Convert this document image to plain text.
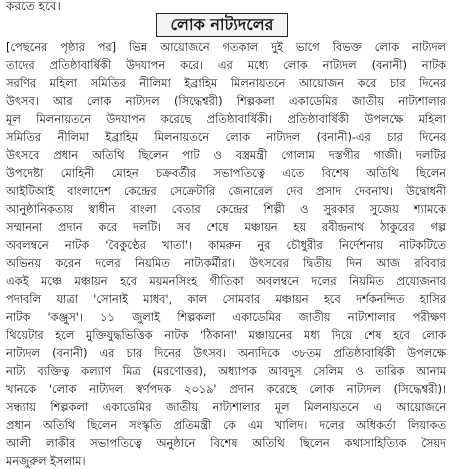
করতে হবে।
লোক নাট্যদলের
[পেছনের পৃষ্ঠার পর] ভিন্ন আয়োজনে গতকাল দুই ভাগে বিভক্ত লোক নাট্যদল
তাদের প্রতিষ্ঠাবার্ষিকী উদযাপন করে। এর মধ্যে লোক নাট্যদল (বনানী) নাটক
সরণির মহিলা সমিতির নীলিমা ইব্রাহিম মিলনায়তনে আয়োজন করে চার দিনের
উৎসব। আর লোক নাট্যদল (সিদ্ধেশ্বরী) শিল্পকলা একাডেমির জাতীয় নাট্যশালার
মূল মিলনায়তনে উদযাপন করেছে প্রতিষ্ঠাবার্ষিকী। প্রতিষ্ঠাবার্ষিকী উপলক্ষে মহিলা
সমিতির নীলিমা ইব্রাহিম মিলনায়তনে লোক নাট্যদল (বনানী)-এর চার দিনের
উৎসবে প্রধান অতিথি ছিলেন পাট ও বস্ত্রমন্ত্রী গোলাম দস্তগীর গাজী। দলটির
উপদেষ্টা মোহিনী মোহন চক্রবর্তীর সভাপতিত্বে এতে বিশেষ অতিথি ছিলেন
আইটিআই বাংলাদেশ কেন্দ্রের সেক্রেটারি জেনারেল দেব প্রসাদ দেবনাথ। উদ্বোধনী
আনুষ্ঠানিকতায় স্বাধীন বাংলা বেতার কেন্দ্রের শিল্পী ও সুরকার সুজেয় শ্যামকে
সম্মাননা প্রদান করে দলটি। সব শেষে মঞ্চায়ন হয় রবীন্দ্রনাথ ঠাকুরের গল্প
অবলম্বনে নাটক 'বৈকুণ্ঠের খাতা'। কামরুন নুর চৌধুরীর নির্দেশনায় নাটকটিতে
অভিনয় করেন দলের নিয়মিত নাট্যকর্মীরা। উৎসবের দ্বিতীয় দিন আজ রবিবার
একই মঞ্চে মঞ্চায়ন হবে ময়মনসিংহ গীতিকা অবলম্বনে দলের নিয়মিত প্রযোজনার
পদাবলি যাত্রা 'সোনাই মাধব', কাল সোমবার মঞ্চায়ন হবে দর্শকনন্দিত হাসির
নাটক 'কঞ্জুস'। ১১ জুলাই শিল্পকলা একাডেমির জাতীয় নাট্যশালার পরীক্ষণ
থিয়েটার হলে মুক্তিযুদ্ধভিত্তিক নাটক 'ঠিকানা' মঞ্চায়নের মধ্য দিয়ে শেষ হবে লোক
নাট্যদল (বনানী) এর চার দিনের উৎসব। অন্যদিকে ৩৮তম প্রতিষ্ঠাবার্ষিকী উপলক্ষে
নাট্য ব্যক্তিত্ব কল্যাণ মিত্র (মরণোত্তর), অধ্যাপক আবদুস সেলিম ও তারিক আনাম
খানকে 'লোক নাট্যদল স্বর্ণপদক ২০১৯' প্রদান করেছে লোক নাট্যদল (সিদ্ধেশ্বরী)।
সন্ধ্যায় শিল্পকলা একাডেমির জাতীয় নাট্যশালার মূল মিলনায়তনে এ আয়োজনে
প্রধান অতিথি ছিলেন সংস্কৃতি প্রতিমন্ত্রী কে এম খালিদ। দলের অধিকর্তা লিয়াকত
আলী লাকীর সভাপতিত্বে অনুষ্ঠানে বিশেষ অতিথি ছিলেন কথাসাহিত্যিক সৈয়দ
মনজুরুল ইসলাম।
